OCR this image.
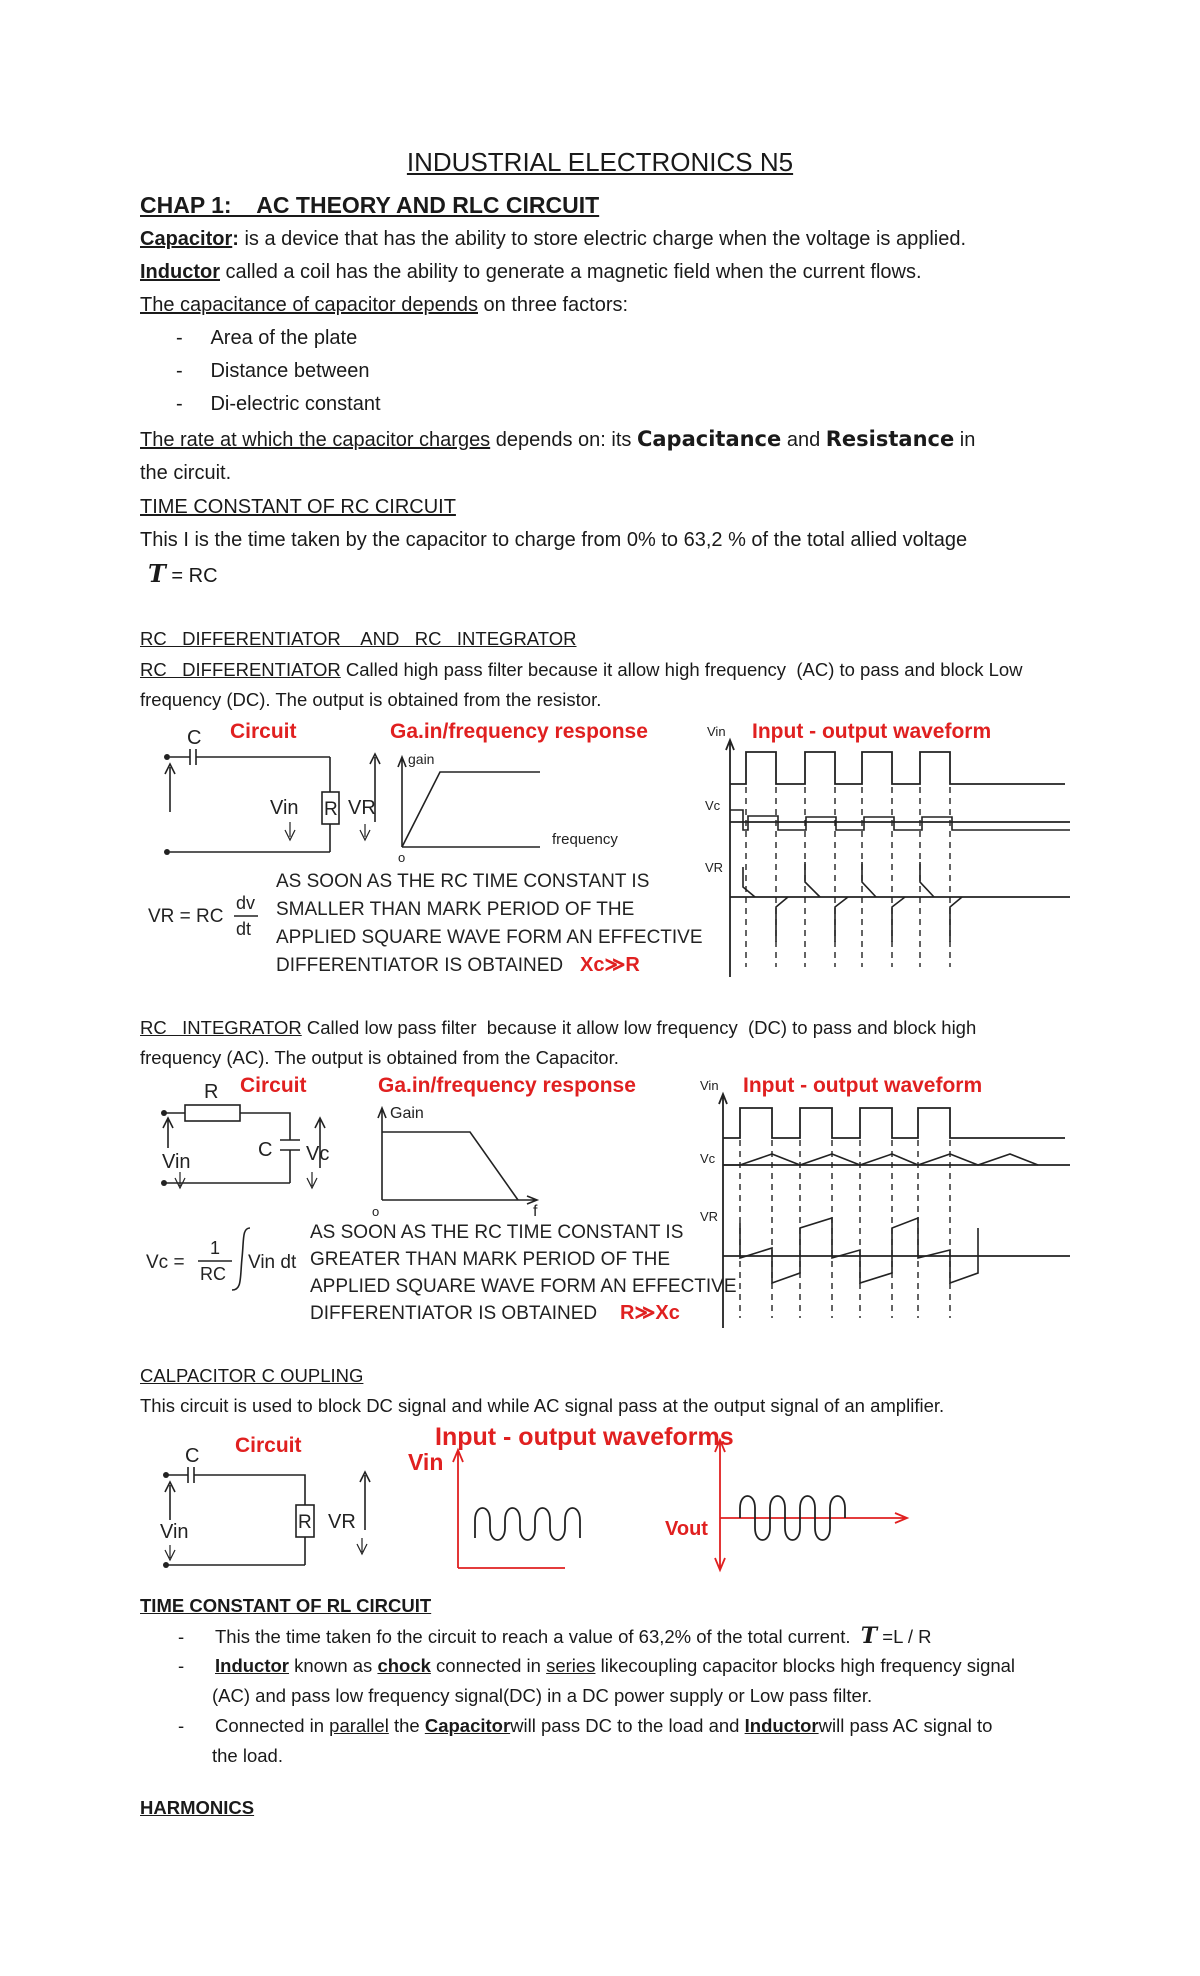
INDUSTRIAL ELECTRONICS N5
CHAP 1:    AC THEORY AND RLC CIRCUIT
Capacitor: is a device that has the ability to store electric charge when the voltage is applied.
Inductor called a coil has the ability to generate a magnetic field when the current flows.
The capacitance of capacitor depends on three factors:
-     Area of the plate
-     Distance between
-     Di-electric constant
The rate at which the capacitor charges depends on: its Capacitance and Resistance in
the circuit.
TIME CONSTANT OF RC CIRCUIT
This I is the time taken by the capacitor to charge from 0% to 63,2 % of the total allied voltage
𝑻 = RC
RC   DIFFERENTIATOR    AND   RC   INTEGRATOR
RC   DIFFERENTIATOR Called high pass filter because it allow high frequency  (AC) to pass and block Low
frequency (DC). The output is obtained from the resistor.
Circuit	Ga.in/frequency response	Vin Input - output waveform
C
R VR
Vin
gain
frequency
o
Vc
VR
VR = RC
dv
dt
AS SOON AS THE RC TIME CONSTANT IS
SMALLER THAN MARK PERIOD OF THE
APPLIED SQUARE WAVE FORM AN EFFECTIVE
DIFFERENTIATOR IS OBTAINED Xc≫R
RC   INTEGRATOR Called low pass filter  because it allow low frequency  (DC) to pass and block high
frequency (AC). The output is obtained from the Capacitor.
Circuit	Ga.in/frequency response	Vin Input - output waveform
R
C Vc
Vin
Gain
f
o
Vc
VR
Vc =
1
RC
Vin dt
AS SOON AS THE RC TIME CONSTANT IS
GREATER THAN MARK PERIOD OF THE
APPLIED SQUARE WAVE FORM AN EFFECTIVE
DIFFERENTIATOR IS OBTAINED R≫Xc
CALPACITOR C OUPLING
This circuit is used to block DC signal and while AC signal pass at the output signal of an amplifier.
Circuit	Input - output waveforms
C
R VR
Vin
Vin
Vout
TIME CONSTANT OF RL CIRCUIT
-      This the time taken fo the circuit to reach a value of 63,2% of the total current. 𝑻 =L / R
-      Inductor known as chock connected in series likecoupling capacitor blocks high frequency signal
(AC) and pass low frequency signal(DC) in a DC power supply or Low pass filter.
-      Connected in parallel the Capacitorwill pass DC to the load and Inductorwill pass AC signal to
the load.
HARMONICS
